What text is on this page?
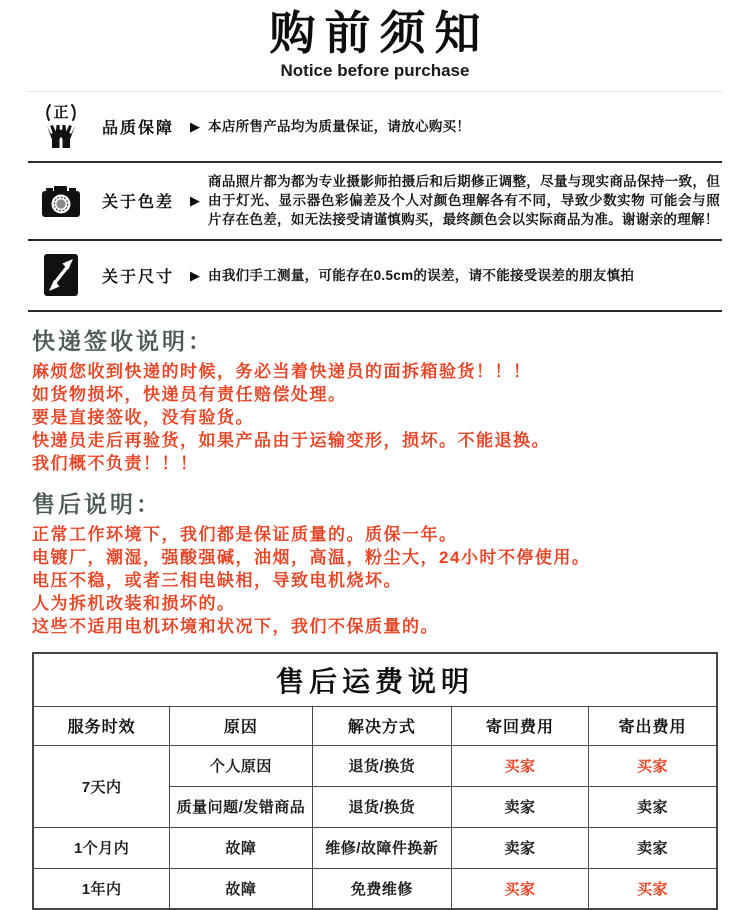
购前须知
Notice before purchase
正
品质保障 ▶ 本店所售产品均为质量保证，请放心购买！
关于色差 ▶
商品照片都为都为专业摄影师拍摄后和后期修正调整，尽量与现实商品保持一致，但由于灯光、显示器色彩偏差及个人对颜色理解各有不同，导致少数实物 可能会与照片存在色差，如无法接受请谨慎购买，最终颜色会以实际商品为准。谢谢亲的理解！
关于尺寸 ▶ 由我们手工测量，可能存在0.5cm的误差，请不能接受误差的朋友慎拍
快递签收说明：
麻烦您收到快递的时候，务必当着快递员的面拆箱验货！！！
如货物损坏，快递员有责任赔偿处理。
要是直接签收，没有验货。
快递员走后再验货，如果产品由于运输变形，损坏。不能退换。
我们概不负责！！！
售后说明：
正常工作环境下，我们都是保证质量的。质保一年。
电镀厂，潮湿，强酸强碱，油烟，高温，粉尘大，24小时不停使用。
电压不稳，或者三相电缺相，导致电机烧坏。
人为拆机改装和损坏的。
这些不适用电机环境和状况下，我们不保质量的。
售后运费说明				
服务时效	原因	解决方式	寄回费用	寄出费用
7天内	个人原因	退货/换货	买家	买家
	质量问题/发错商品	退货/换货	卖家	卖家
1个月内	故障	维修/故障件换新	卖家	卖家
1年内	故障	免费维修	买家	买家
